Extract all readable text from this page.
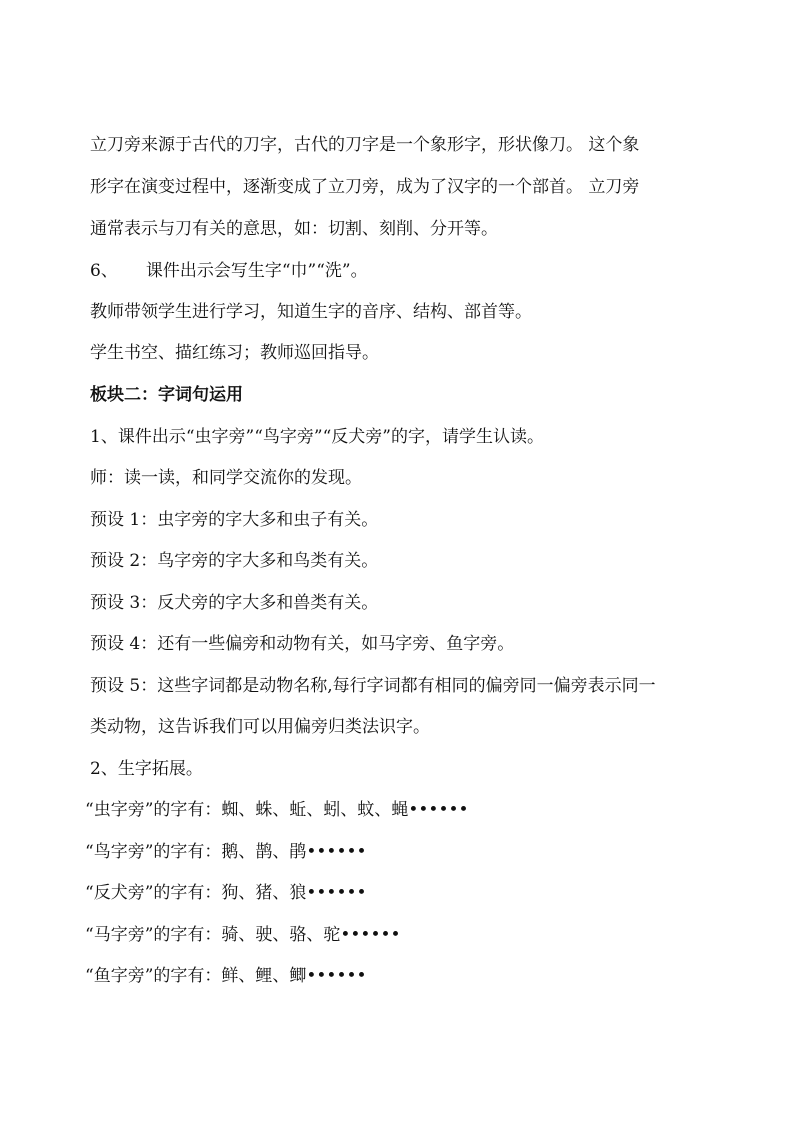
立刀旁来源于古代的刀字，古代的刀字是一个象形字，形状像刀。 这个象
形字在演变过程中，逐渐变成了立刀旁，成为了汉字的一个部首。 立刀旁
通常表示与刀有关的意思，如：切割、刻削、分开等。
6、 课件出示会写生字“巾”“洗”。
教师带领学生进行学习，知道生字的音序、结构、部首等。
学生书空、描红练习；教师巡回指导。
板块二：字词句运用
1、课件出示“虫字旁”“鸟字旁”“反犬旁”的字，请学生认读。
师：读一读，和同学交流你的发现。
预设 1：虫字旁的字大多和虫子有关。
预设 2：鸟字旁的字大多和鸟类有关。
预设 3：反犬旁的字大多和兽类有关。
预设 4：还有一些偏旁和动物有关，如马字旁、鱼字旁。
预设 5：这些字词都是动物名称,每行字词都有相同的偏旁同一偏旁表示同一
类动物，这告诉我们可以用偏旁归类法识字。
2、生字拓展。
“虫字旁”的字有：蜘、蛛、蚯、蚓、蚊、蝇••••••
“鸟字旁”的字有：鹅、鹊、鹃••••••
“反犬旁”的字有：狗、猪、狼••••••
“马字旁”的字有：骑、驶、骆、驼••••••
“鱼字旁”的字有：鲜、鲤、鲫••••••
